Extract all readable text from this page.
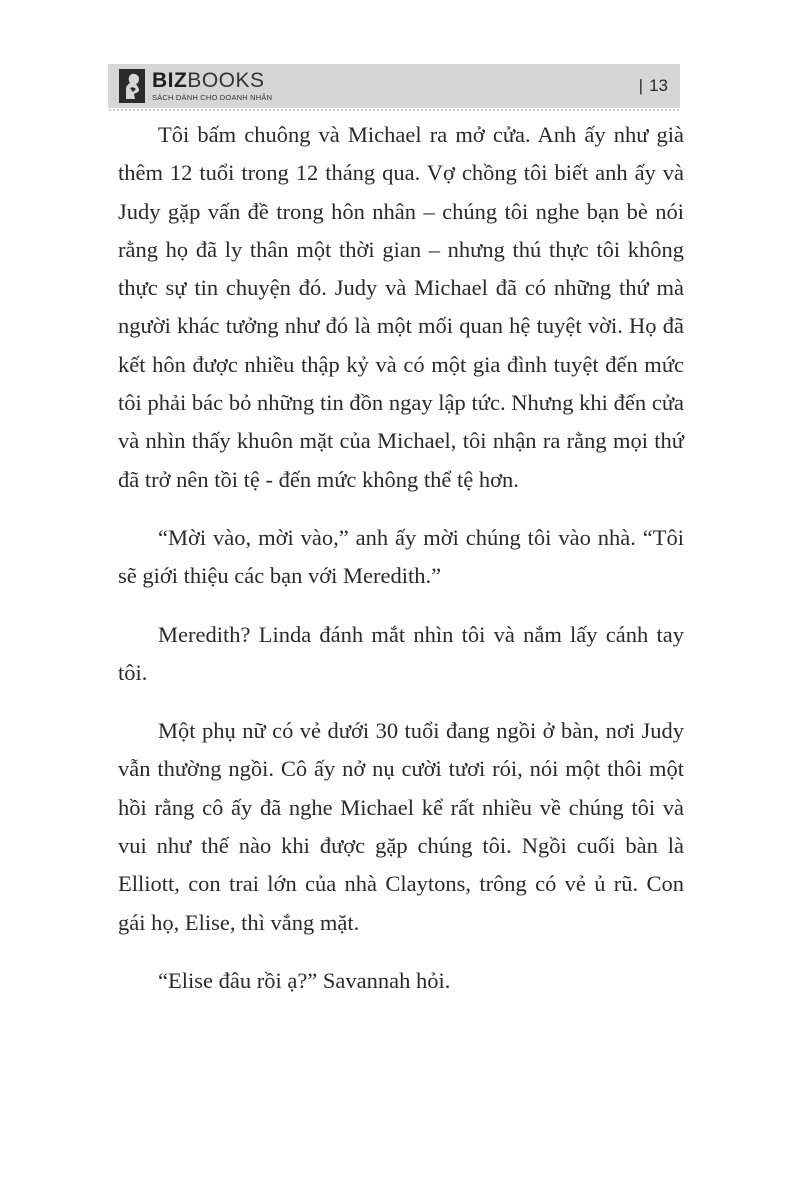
BIZBOOKS
SÁCH DÀNH CHO DOANH NHÂN
| 13

Tôi bấm chuông và Michael ra mở cửa. Anh ấy như già thêm 12 tuổi trong 12 tháng qua. Vợ chồng tôi biết anh ấy và Judy gặp vấn đề trong hôn nhân – chúng tôi nghe bạn bè nói rằng họ đã ly thân một thời gian – nhưng thú thực tôi không thực sự tin chuyện đó. Judy và Michael đã có những thứ mà người khác tưởng như đó là một mối quan hệ tuyệt vời. Họ đã kết hôn được nhiều thập kỷ và có một gia đình tuyệt đến mức tôi phải bác bỏ những tin đồn ngay lập tức. Nhưng khi đến cửa và nhìn thấy khuôn mặt của Michael, tôi nhận ra rằng mọi thứ đã trở nên tồi tệ - đến mức không thể tệ hơn.

“Mời vào, mời vào,” anh ấy mời chúng tôi vào nhà. “Tôi sẽ giới thiệu các bạn với Meredith.”

Meredith? Linda đánh mắt nhìn tôi và nắm lấy cánh tay tôi.

Một phụ nữ có vẻ dưới 30 tuổi đang ngồi ở bàn, nơi Judy vẫn thường ngồi. Cô ấy nở nụ cười tươi rói, nói một thôi một hồi rằng cô ấy đã nghe Michael kể rất nhiều về chúng tôi và vui như thế nào khi được gặp chúng tôi. Ngồi cuối bàn là Elliott, con trai lớn của nhà Claytons, trông có vẻ ủ rũ. Con gái họ, Elise, thì vắng mặt.

“Elise đâu rồi ạ?” Savannah hỏi.
